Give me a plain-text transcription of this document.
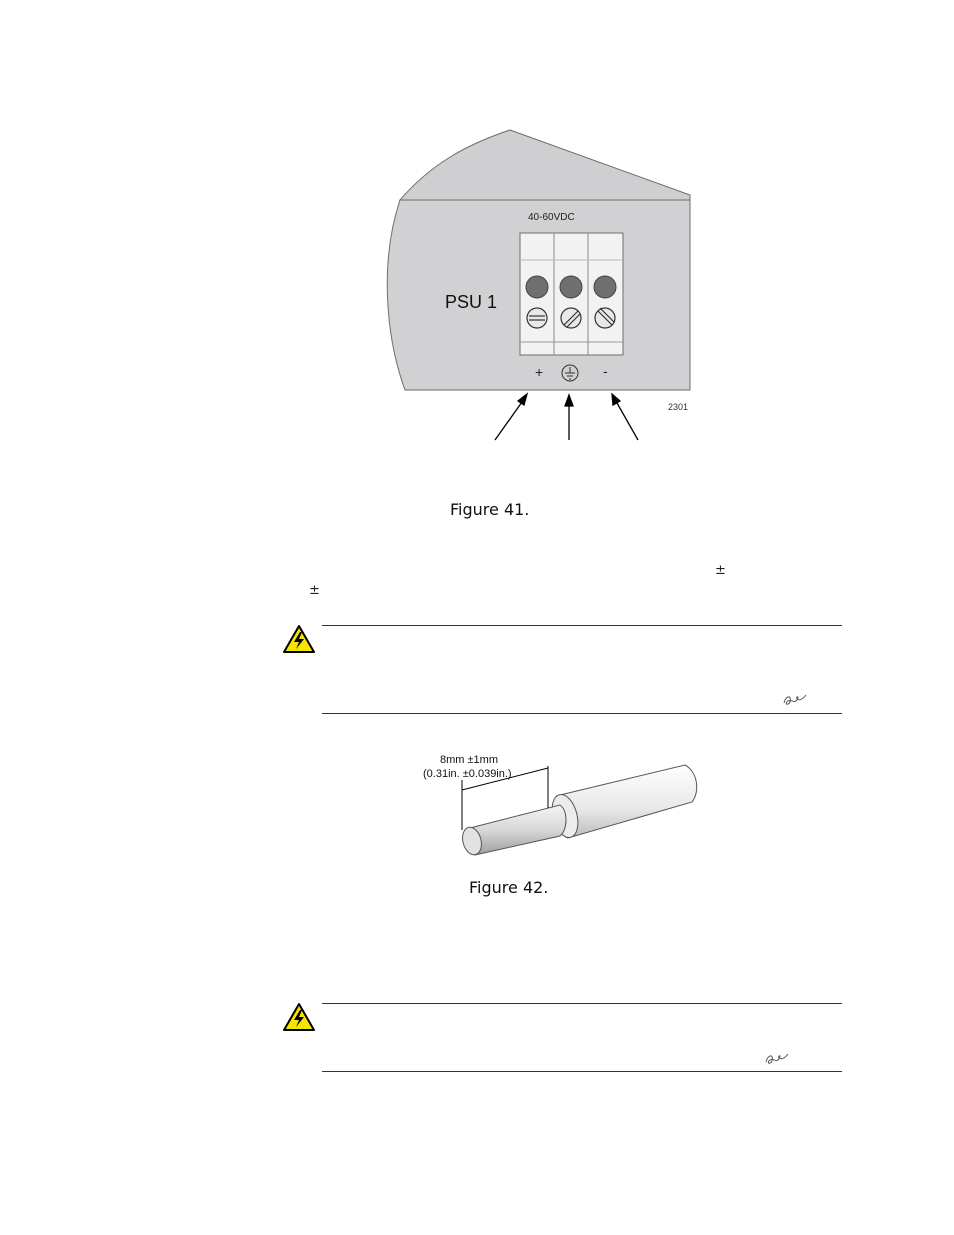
40-60VDC
PSU 1
+	-
2301
Figure 41.
±
±
8mm ±1mm
(0.31in. ±0.039in.)
Figure 42.
